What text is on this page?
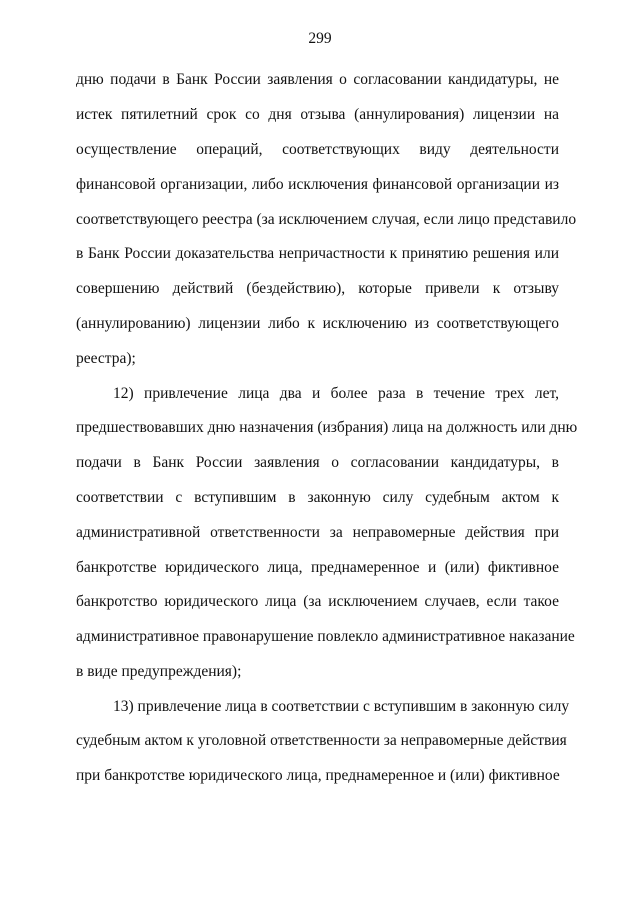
299
дню подачи в Банк России заявления о согласовании кандидатуры, не
истек пятилетний срок со дня отзыва (аннулирования) лицензии на
осуществление операций, соответствующих виду деятельности
финансовой организации, либо исключения финансовой организации из
соответствующего реестра (за исключением случая, если лицо представило
в Банк России доказательства непричастности к принятию решения или
совершению действий (бездействию), которые привели к отзыву
(аннулированию) лицензии либо к исключению из соответствующего
реестра);
12) привлечение лица два и более раза в течение трех лет,
предшествовавших дню назначения (избрания) лица на должность или дню
подачи в Банк России заявления о согласовании кандидатуры, в
соответствии с вступившим в законную силу судебным актом к
административной ответственности за неправомерные действия при
банкротстве юридического лица, преднамеренное и (или) фиктивное
банкротство юридического лица (за исключением случаев, если такое
административное правонарушение повлекло административное наказание
в виде предупреждения);
13) привлечение лица в соответствии с вступившим в законную силу
судебным актом к уголовной ответственности за неправомерные действия
при банкротстве юридического лица, преднамеренное и (или) фиктивное
